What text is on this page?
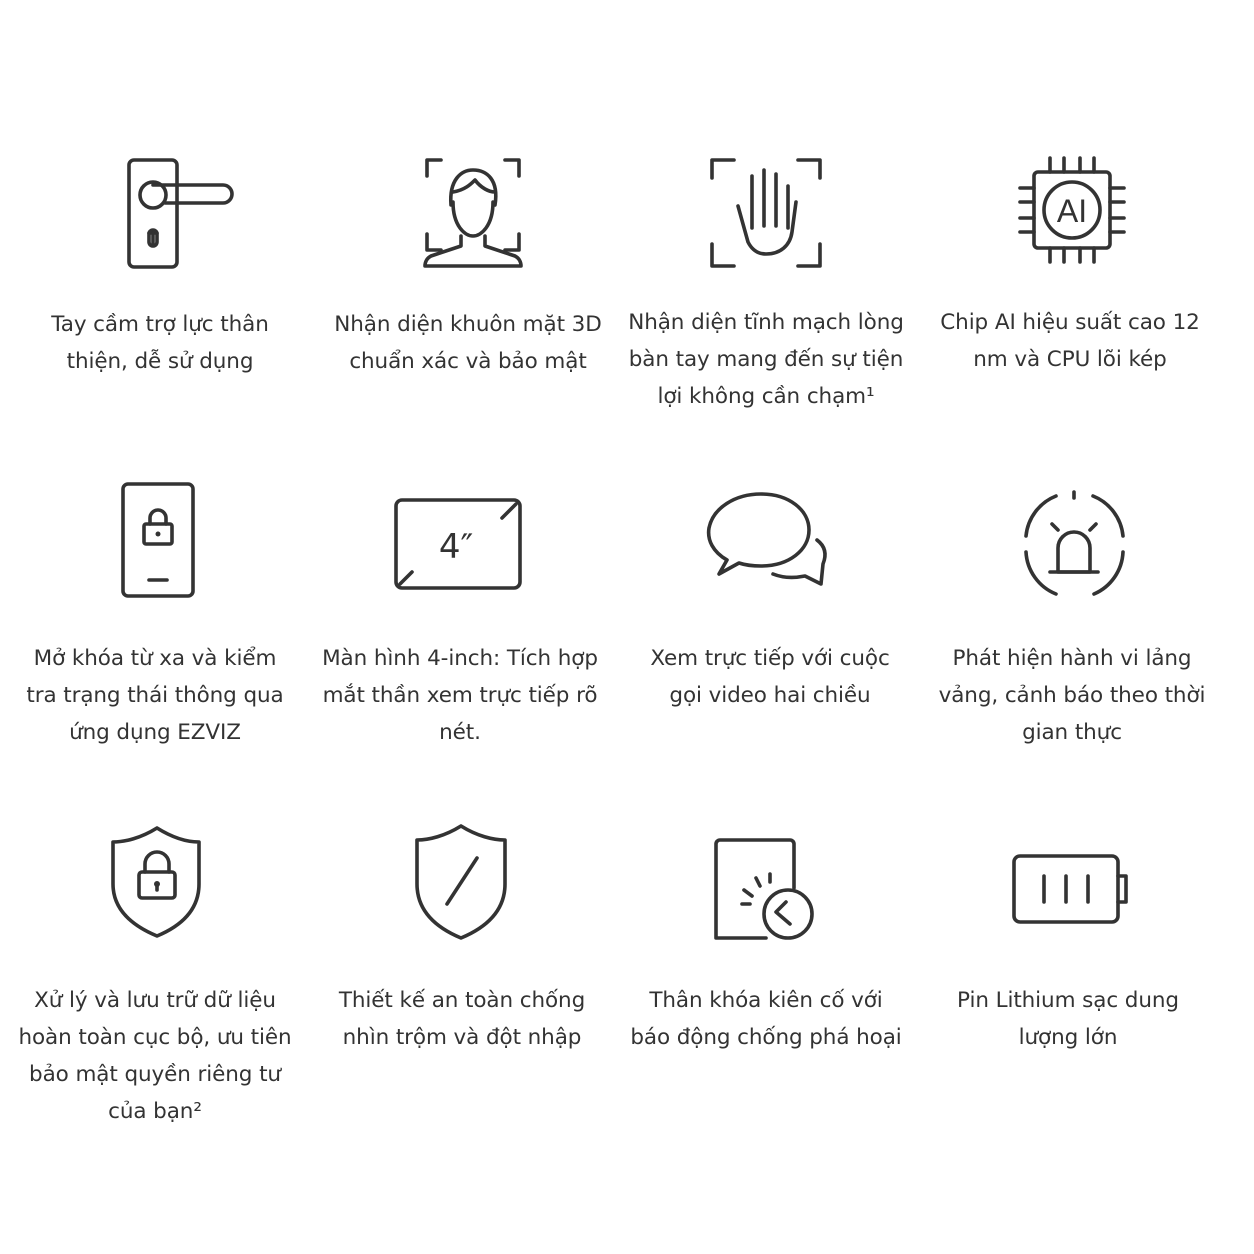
Tay cầm trợ lực thân
thiện, dễ sử dụng
Nhận diện khuôn mặt 3D
chuẩn xác và bảo mật
Nhận diện tĩnh mạch lòng
bàn tay mang đến sự tiện
lợi không cần chạm¹
AI
Chip AI hiệu suất cao 12
nm và CPU lõi kép
Mở khóa từ xa và kiểm
tra trạng thái thông qua
ứng dụng EZVIZ
4″
Màn hình 4-inch: Tích hợp
mắt thần xem trực tiếp rõ nét.
Xem trực tiếp với cuộc
gọi video hai chiều
Phát hiện hành vi lảng
vảng, cảnh báo theo thời
gian thực
Xử lý và lưu trữ dữ liệu
hoàn toàn cục bộ, ưu tiên
bảo mật quyền riêng tư
của bạn²
Thiết kế an toàn chống
nhìn trộm và đột nhập
Thân khóa kiên cố với
báo động chống phá hoại
Pin Lithium sạc dung
lượng lớn
